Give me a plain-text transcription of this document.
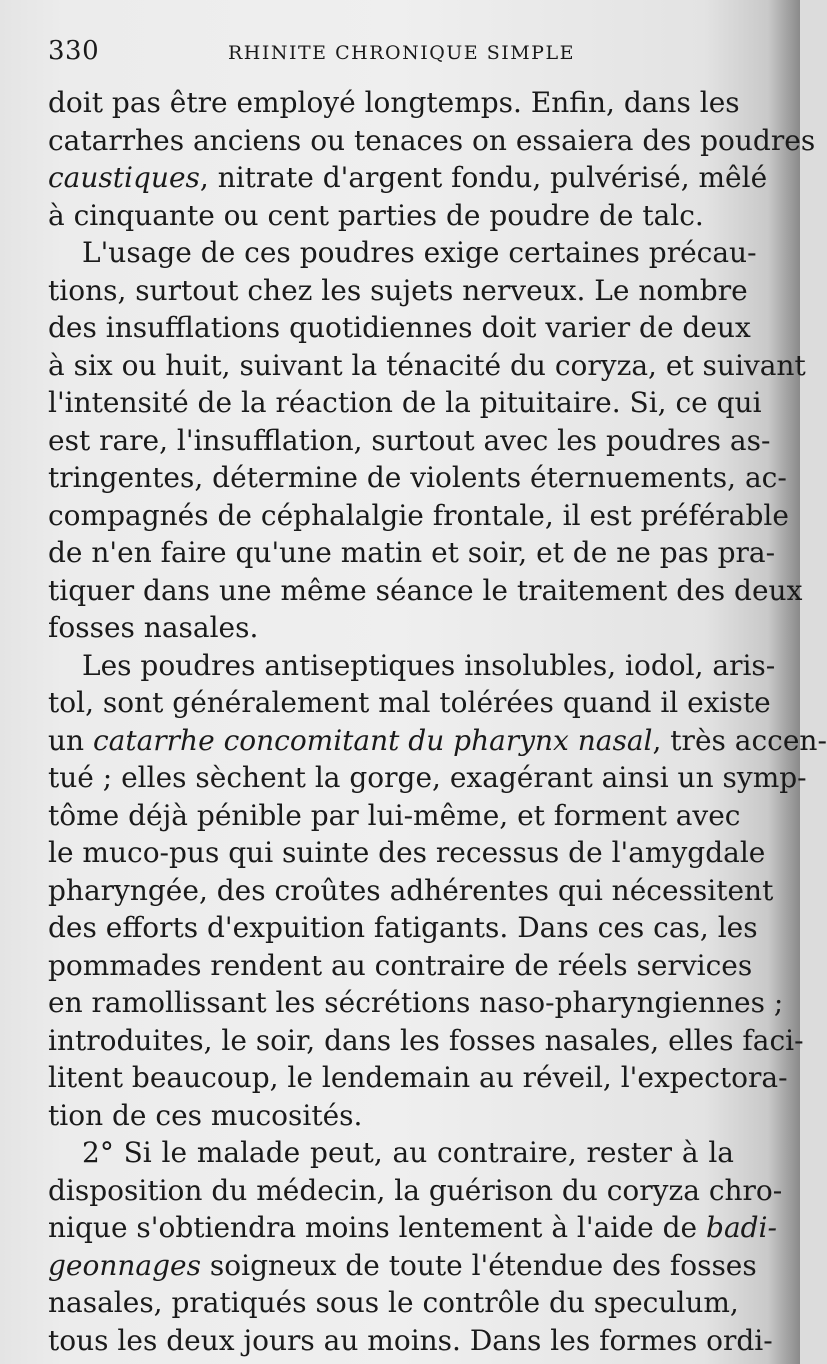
330	RHINITE CHRONIQUE SIMPLE
doit pas être employé longtemps. Enfin, dans les
catarrhes anciens ou tenaces on essaiera des poudres
caustiques, nitrate d'argent fondu, pulvérisé, mêlé
à cinquante ou cent parties de poudre de talc.
L'usage de ces poudres exige certaines précau-
tions, surtout chez les sujets nerveux. Le nombre
des insufflations quotidiennes doit varier de deux
à six ou huit, suivant la ténacité du coryza, et suivant
l'intensité de la réaction de la pituitaire. Si, ce qui
est rare, l'insufflation, surtout avec les poudres as-
tringentes, détermine de violents éternuements, ac-
compagnés de céphalalgie frontale, il est préférable
de n'en faire qu'une matin et soir, et de ne pas pra-
tiquer dans une même séance le traitement des deux
fosses nasales.
Les poudres antiseptiques insolubles, iodol, aris-
tol, sont généralement mal tolérées quand il existe
un catarrhe concomitant du pharynx nasal, très accen-
tué ; elles sèchent la gorge, exagérant ainsi un symp-
tôme déjà pénible par lui-même, et forment avec
le muco-pus qui suinte des recessus de l'amygdale
pharyngée, des croûtes adhérentes qui nécessitent
des efforts d'expuition fatigants. Dans ces cas, les
pommades rendent au contraire de réels services
en ramollissant les sécrétions naso-pharyngiennes ;
introduites, le soir, dans les fosses nasales, elles faci-
litent beaucoup, le lendemain au réveil, l'expectora-
tion de ces mucosités.
2° Si le malade peut, au contraire, rester à la
disposition du médecin, la guérison du coryza chro-
nique s'obtiendra moins lentement à l'aide de badi-
geonnages soigneux de toute l'étendue des fosses
nasales, pratiqués sous le contrôle du speculum,
tous les deux jours au moins. Dans les formes ordi-
